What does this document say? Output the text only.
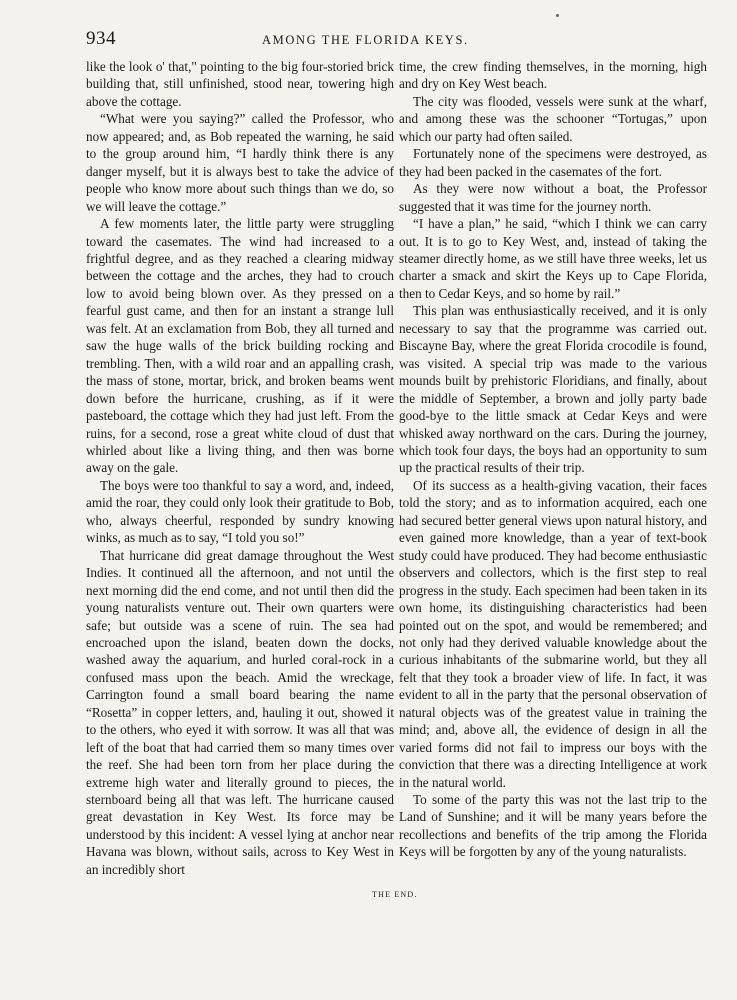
934	AMONG THE FLORIDA KEYS.

like the look o' that," pointing to the big four-storied brick building that, still unfinished, stood near, towering high above the cottage.

“What were you saying?” called the Professor, who now appeared; and, as Bob repeated the warning, he said to the group around him, “I hardly think there is any danger myself, but it is always best to take the advice of people who know more about such things than we do, so we will leave the cottage.”

A few moments later, the little party were struggling toward the casemates. The wind had increased to a frightful degree, and as they reached a clearing midway between the cottage and the arches, they had to crouch low to avoid being blown over. As they pressed on a fearful gust came, and then for an instant a strange lull was felt. At an exclamation from Bob, they all turned and saw the huge walls of the brick building rocking and trembling. Then, with a wild roar and an appalling crash, the mass of stone, mortar, brick, and broken beams went down before the hurricane, crushing, as if it were pasteboard, the cottage which they had just left. From the ruins, for a second, rose a great white cloud of dust that whirled about like a living thing, and then was borne away on the gale.

The boys were too thankful to say a word, and, indeed, amid the roar, they could only look their gratitude to Bob, who, always cheerful, responded by sundry knowing winks, as much as to say, “I told you so!”

That hurricane did great damage throughout the West Indies. It continued all the afternoon, and not until the next morning did the end come, and not until then did the young naturalists venture out. Their own quarters were safe; but outside was a scene of ruin. The sea had encroached upon the island, beaten down the docks, washed away the aquarium, and hurled coral-rock in a confused mass upon the beach. Amid the wreckage, Carrington found a small board bearing the name “Rosetta” in copper letters, and, hauling it out, showed it to the others, who eyed it with sorrow. It was all that was left of the boat that had carried them so many times over the reef. She had been torn from her place during the extreme high water and literally ground to pieces, the sternboard being all that was left. The hurricane caused great devastation in Key West. Its force may be understood by this incident: A vessel lying at anchor near Havana was blown, without sails, across to Key West in an incredibly short

time, the crew finding themselves, in the morning, high and dry on Key West beach.

The city was flooded, vessels were sunk at the wharf, and among these was the schooner “Tortugas,” upon which our party had often sailed.

Fortunately none of the specimens were destroyed, as they had been packed in the casemates of the fort.

As they were now without a boat, the Professor suggested that it was time for the journey north.

“I have a plan,” he said, “which I think we can carry out. It is to go to Key West, and, instead of taking the steamer directly home, as we still have three weeks, let us charter a smack and skirt the Keys up to Cape Florida, then to Cedar Keys, and so home by rail.”

This plan was enthusiastically received, and it is only necessary to say that the programme was carried out. Biscayne Bay, where the great Florida crocodile is found, was visited. A special trip was made to the various mounds built by prehistoric Floridians, and finally, about the middle of September, a brown and jolly party bade good-bye to the little smack at Cedar Keys and were whisked away northward on the cars. During the journey, which took four days, the boys had an opportunity to sum up the practical results of their trip.

Of its success as a health-giving vacation, their faces told the story; and as to information acquired, each one had secured better general views upon natural history, and even gained more knowledge, than a year of text-book study could have produced. They had become enthusiastic observers and collectors, which is the first step to real progress in the study. Each specimen had been taken in its own home, its distinguishing characteristics had been pointed out on the spot, and would be remembered; and not only had they derived valuable knowledge about the curious inhabitants of the submarine world, but they all felt that they took a broader view of life. In fact, it was evident to all in the party that the personal observation of natural objects was of the greatest value in training the mind; and, above all, the evidence of design in all the varied forms did not fail to impress our boys with the conviction that there was a directing Intelligence at work in the natural world.

To some of the party this was not the last trip to the Land of Sunshine; and it will be many years before the recollections and benefits of the trip among the Florida Keys will be forgotten by any of the young naturalists.

THE END.
